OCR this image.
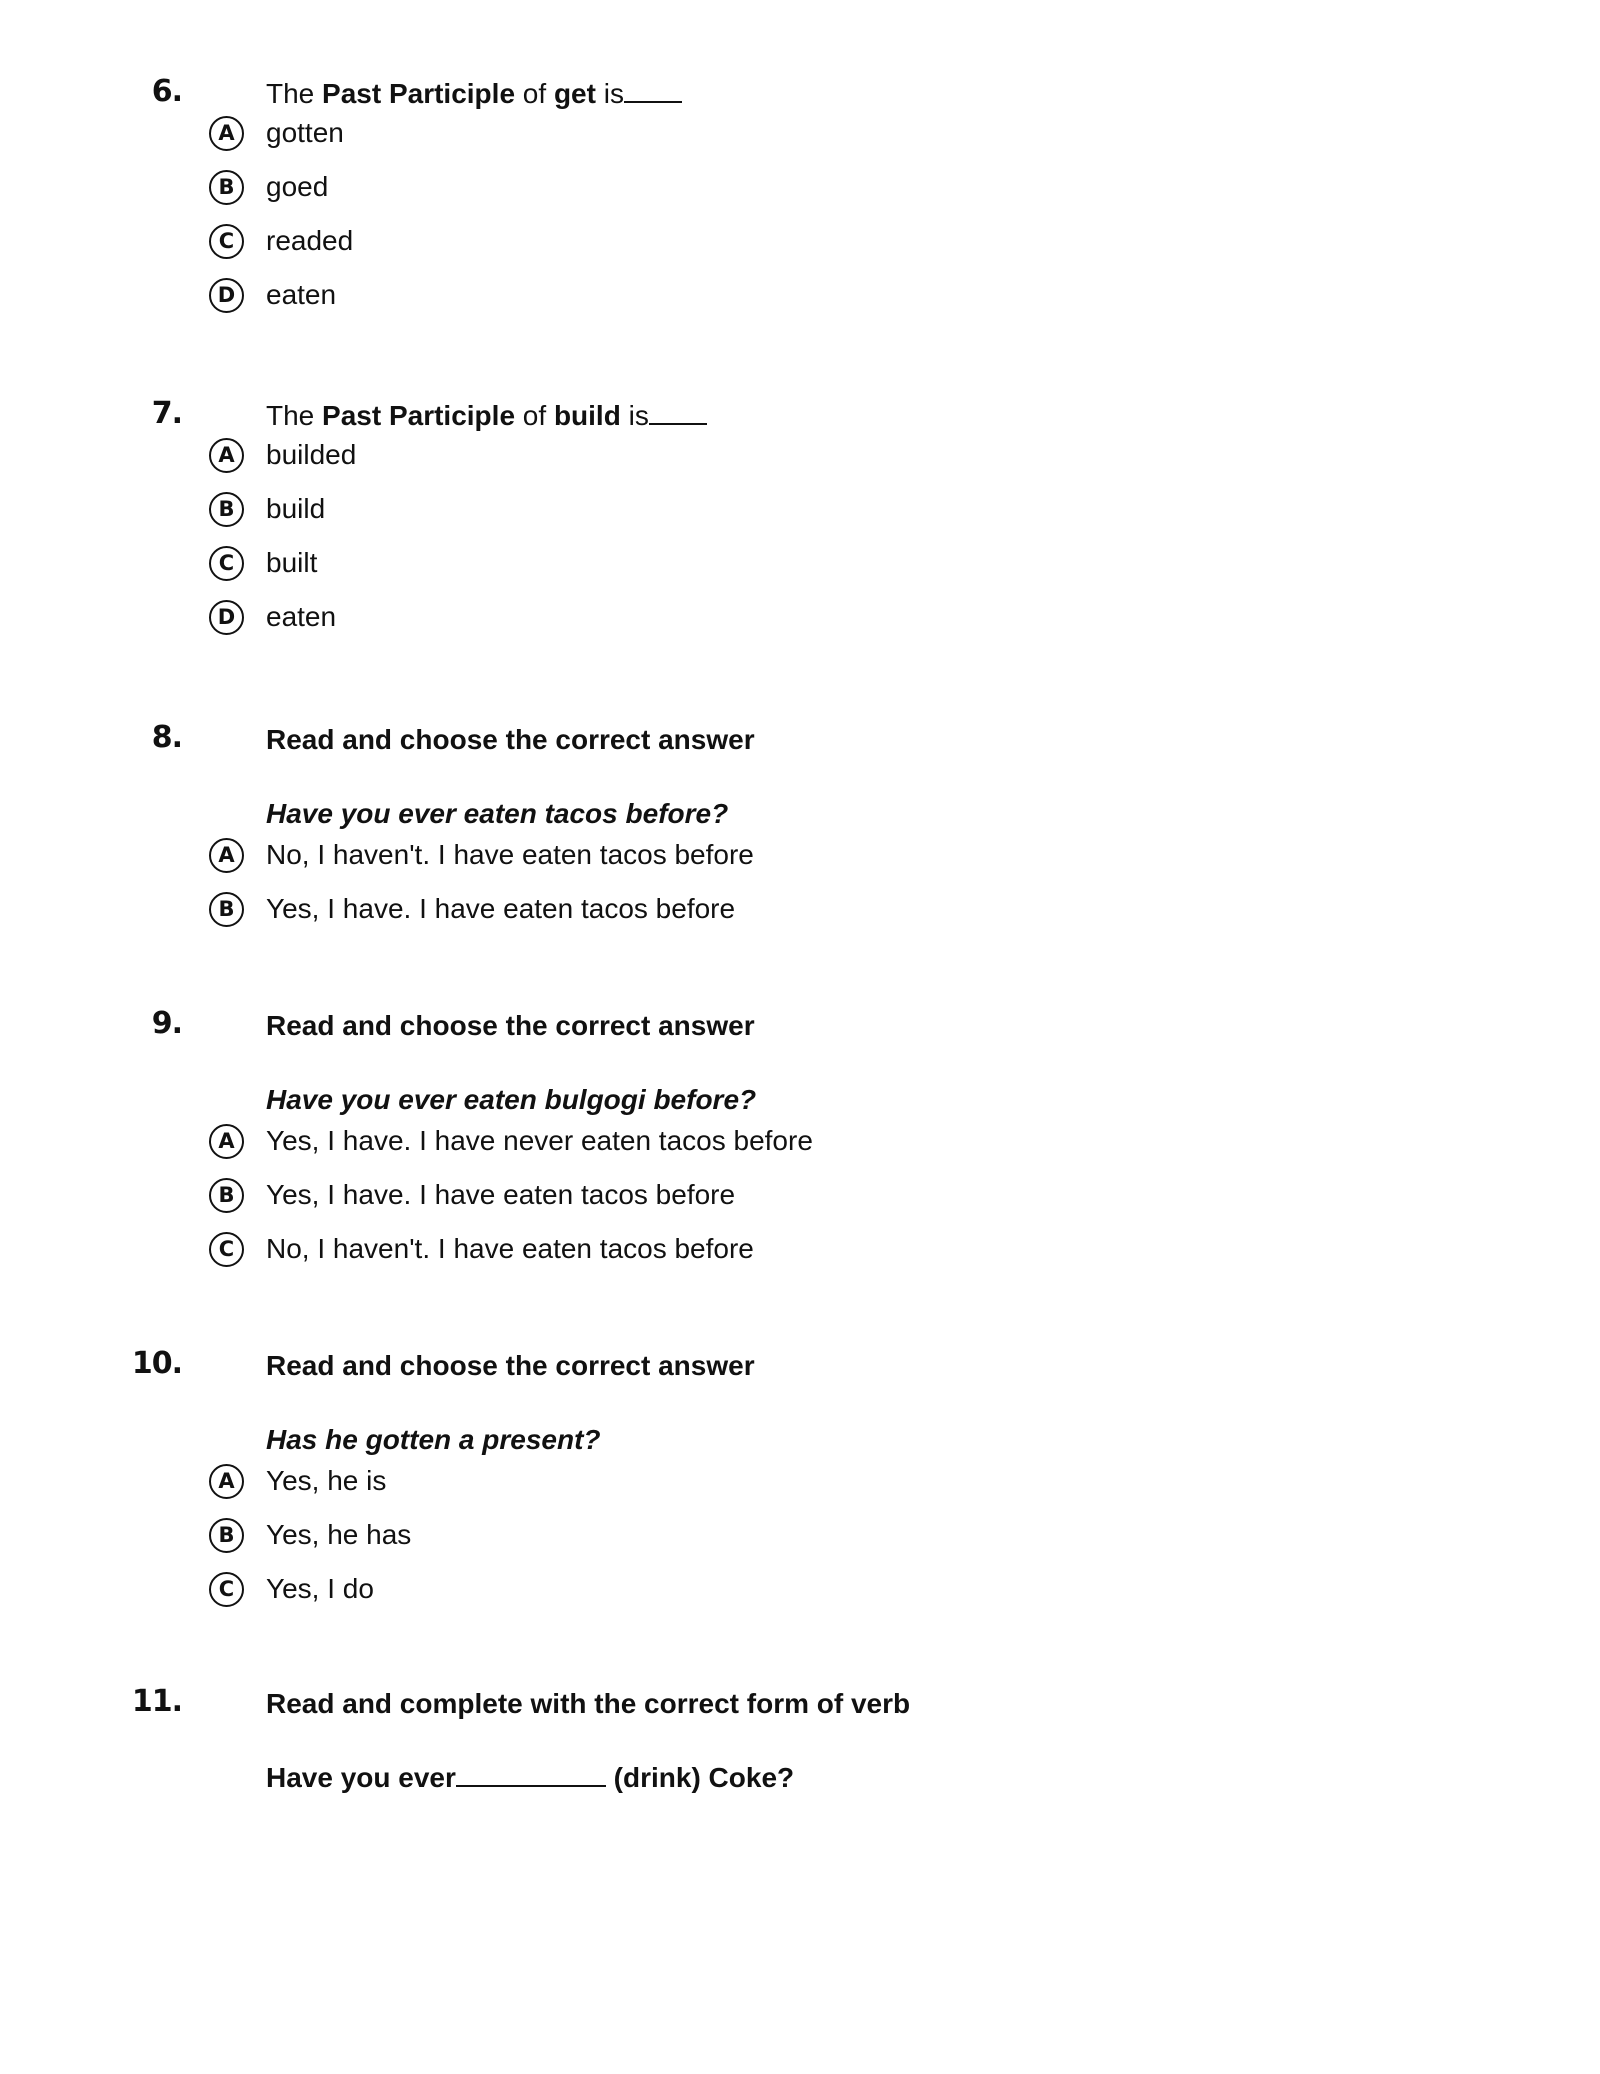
6.	The Past Participle of get is
A	gotten
B	goed
C	readed
D	eaten
7.	The Past Participle of build is
A	builded
B	build
C	built
D	eaten
8.	Read and choose the correct answer
Have you ever eaten tacos before?
A	No, I haven't. I have eaten tacos before
B	Yes, I have. I have eaten tacos before
9.	Read and choose the correct answer
Have you ever eaten bulgogi before?
A	Yes, I have. I have never eaten tacos before
B	Yes, I have. I have eaten tacos before
C	No, I haven't. I have eaten tacos before
10.	Read and choose the correct answer
Has he gotten a present?
A	Yes, he is
B	Yes, he has
C	Yes, I do
11.	Read and complete with the correct form of verb
Have you ever	(drink) Coke?
